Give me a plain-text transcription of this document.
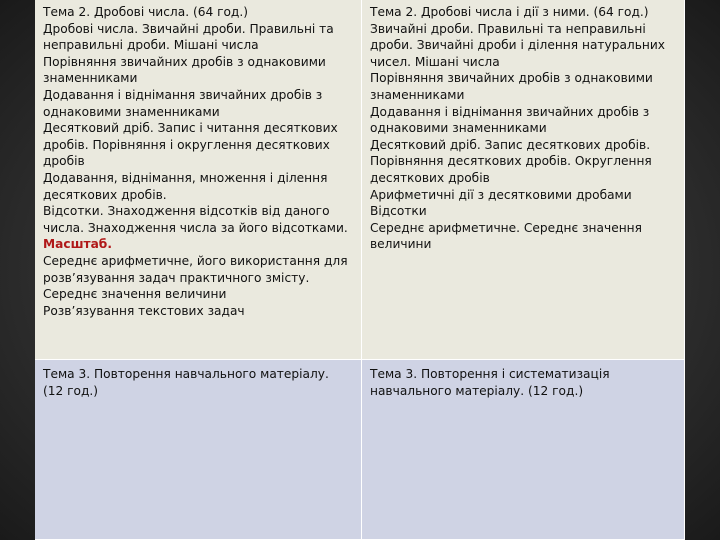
Тема 2. Дробові числа. (64 год.)
Дробові числа. Звичайні дроби. Правильні та
неправильні дроби. Мішані числа
Порівняння звичайних дробів з однаковими
знаменниками
Додавання і віднімання звичайних дробів з
однаковими знаменниками
Десятковий дріб. Запис і читання десяткових
дробів. Порівняння і округлення десяткових
дробів
Додавання, віднімання, множення і ділення
десяткових дробів.
Відсотки. Знаходження відсотків від даного
числа. Знаходження числа за його відсотками.
Масштаб.
Середнє арифметичне, його використання для
розв’язування задач практичного змісту.
Середнє значення величини
Розв’язування текстових задач
Тема 2. Дробові числа і дії з ними. (64 год.)
Звичайні дроби. Правильні та неправильні
дроби. Звичайні дроби і ділення натуральних
чисел. Мішані числа
Порівняння звичайних дробів з однаковими
знаменниками
Додавання і віднімання звичайних дробів з
однаковими знаменниками
Десятковий дріб. Запис десяткових дробів.
Порівняння десяткових дробів. Округлення
десяткових дробів
Арифметичні дії з десятковими дробами
Відсотки
Середнє арифметичне. Середнє значення
величини
Тема 3. Повторення навчального матеріалу.
(12 год.)
Тема 3. Повторення і систематизація
навчального матеріалу. (12 год.)
